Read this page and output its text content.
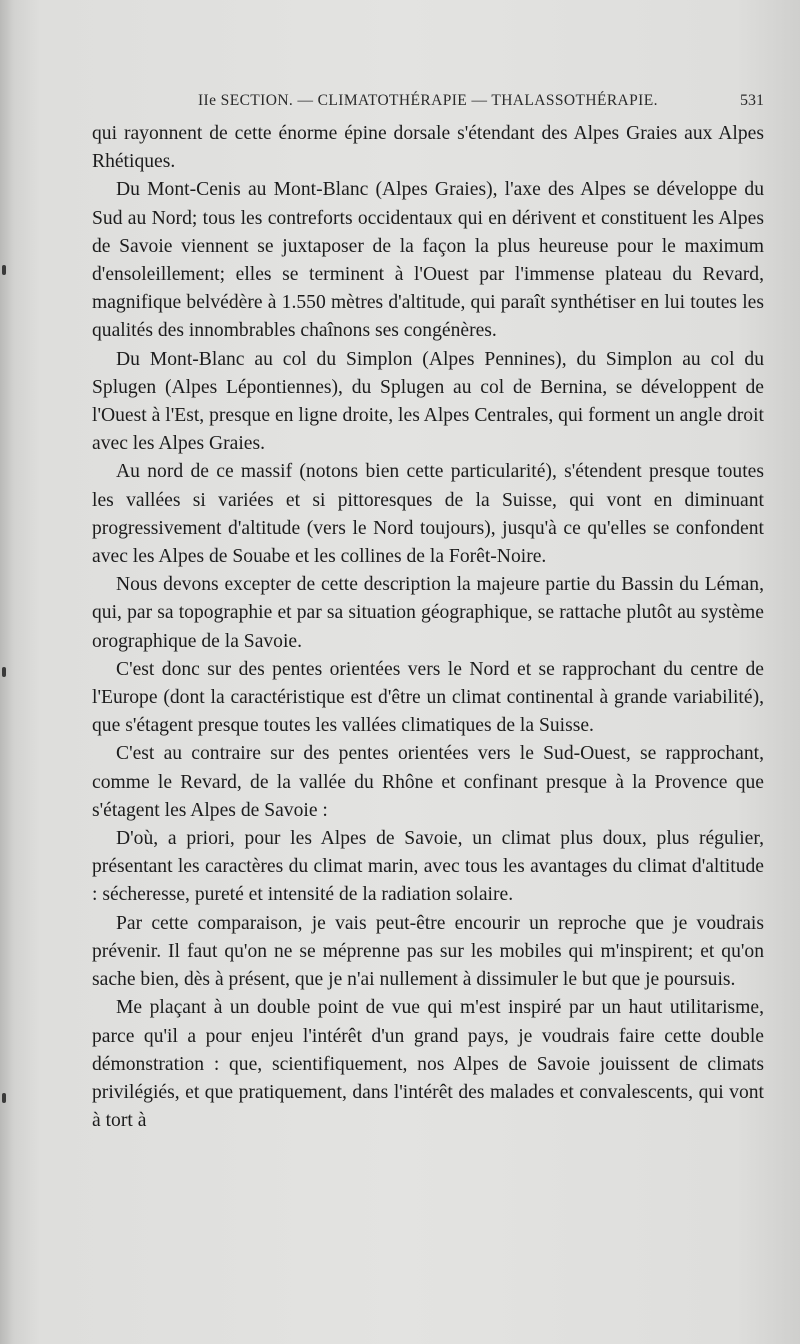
IIe SECTION. — CLIMATOTHÉRAPIE — THALASSOTHÉRAPIE.	531

qui rayonnent de cette énorme épine dorsale s'étendant des Alpes Graies aux Alpes Rhétiques.

Du Mont-Cenis au Mont-Blanc (Alpes Graies), l'axe des Alpes se développe du Sud au Nord; tous les contreforts occidentaux qui en dérivent et constituent les Alpes de Savoie viennent se juxtaposer de la façon la plus heureuse pour le maximum d'ensoleillement; elles se terminent à l'Ouest par l'immense plateau du Revard, magnifique belvédère à 1.550 mètres d'altitude, qui paraît synthétiser en lui toutes les qualités des innombrables chaînons ses congénères.

Du Mont-Blanc au col du Simplon (Alpes Pennines), du Simplon au col du Splugen (Alpes Lépontiennes), du Splugen au col de Bernina, se développent de l'Ouest à l'Est, presque en ligne droite, les Alpes Centrales, qui forment un angle droit avec les Alpes Graies.

Au nord de ce massif (notons bien cette particularité), s'étendent presque toutes les vallées si variées et si pittoresques de la Suisse, qui vont en diminuant progressivement d'altitude (vers le Nord toujours), jusqu'à ce qu'elles se confondent avec les Alpes de Souabe et les collines de la Forêt-Noire.

Nous devons excepter de cette description la majeure partie du Bassin du Léman, qui, par sa topographie et par sa situation géographique, se rattache plutôt au système orographique de la Savoie.

C'est donc sur des pentes orientées vers le Nord et se rapprochant du centre de l'Europe (dont la caractéristique est d'être un climat continental à grande variabilité), que s'étagent presque toutes les vallées climatiques de la Suisse.

C'est au contraire sur des pentes orientées vers le Sud-Ouest, se rapprochant, comme le Revard, de la vallée du Rhône et confinant presque à la Provence que s'étagent les Alpes de Savoie :

D'où, a priori, pour les Alpes de Savoie, un climat plus doux, plus régulier, présentant les caractères du climat marin, avec tous les avantages du climat d'altitude : sécheresse, pureté et intensité de la radiation solaire.

Par cette comparaison, je vais peut-être encourir un reproche que je voudrais prévenir. Il faut qu'on ne se méprenne pas sur les mobiles qui m'inspirent; et qu'on sache bien, dès à présent, que je n'ai nullement à dissimuler le but que je poursuis.

Me plaçant à un double point de vue qui m'est inspiré par un haut utilitarisme, parce qu'il a pour enjeu l'intérêt d'un grand pays, je voudrais faire cette double démonstration : que, scientifiquement, nos Alpes de Savoie jouissent de climats privilégiés, et que pratiquement, dans l'intérêt des malades et convalescents, qui vont à tort à
